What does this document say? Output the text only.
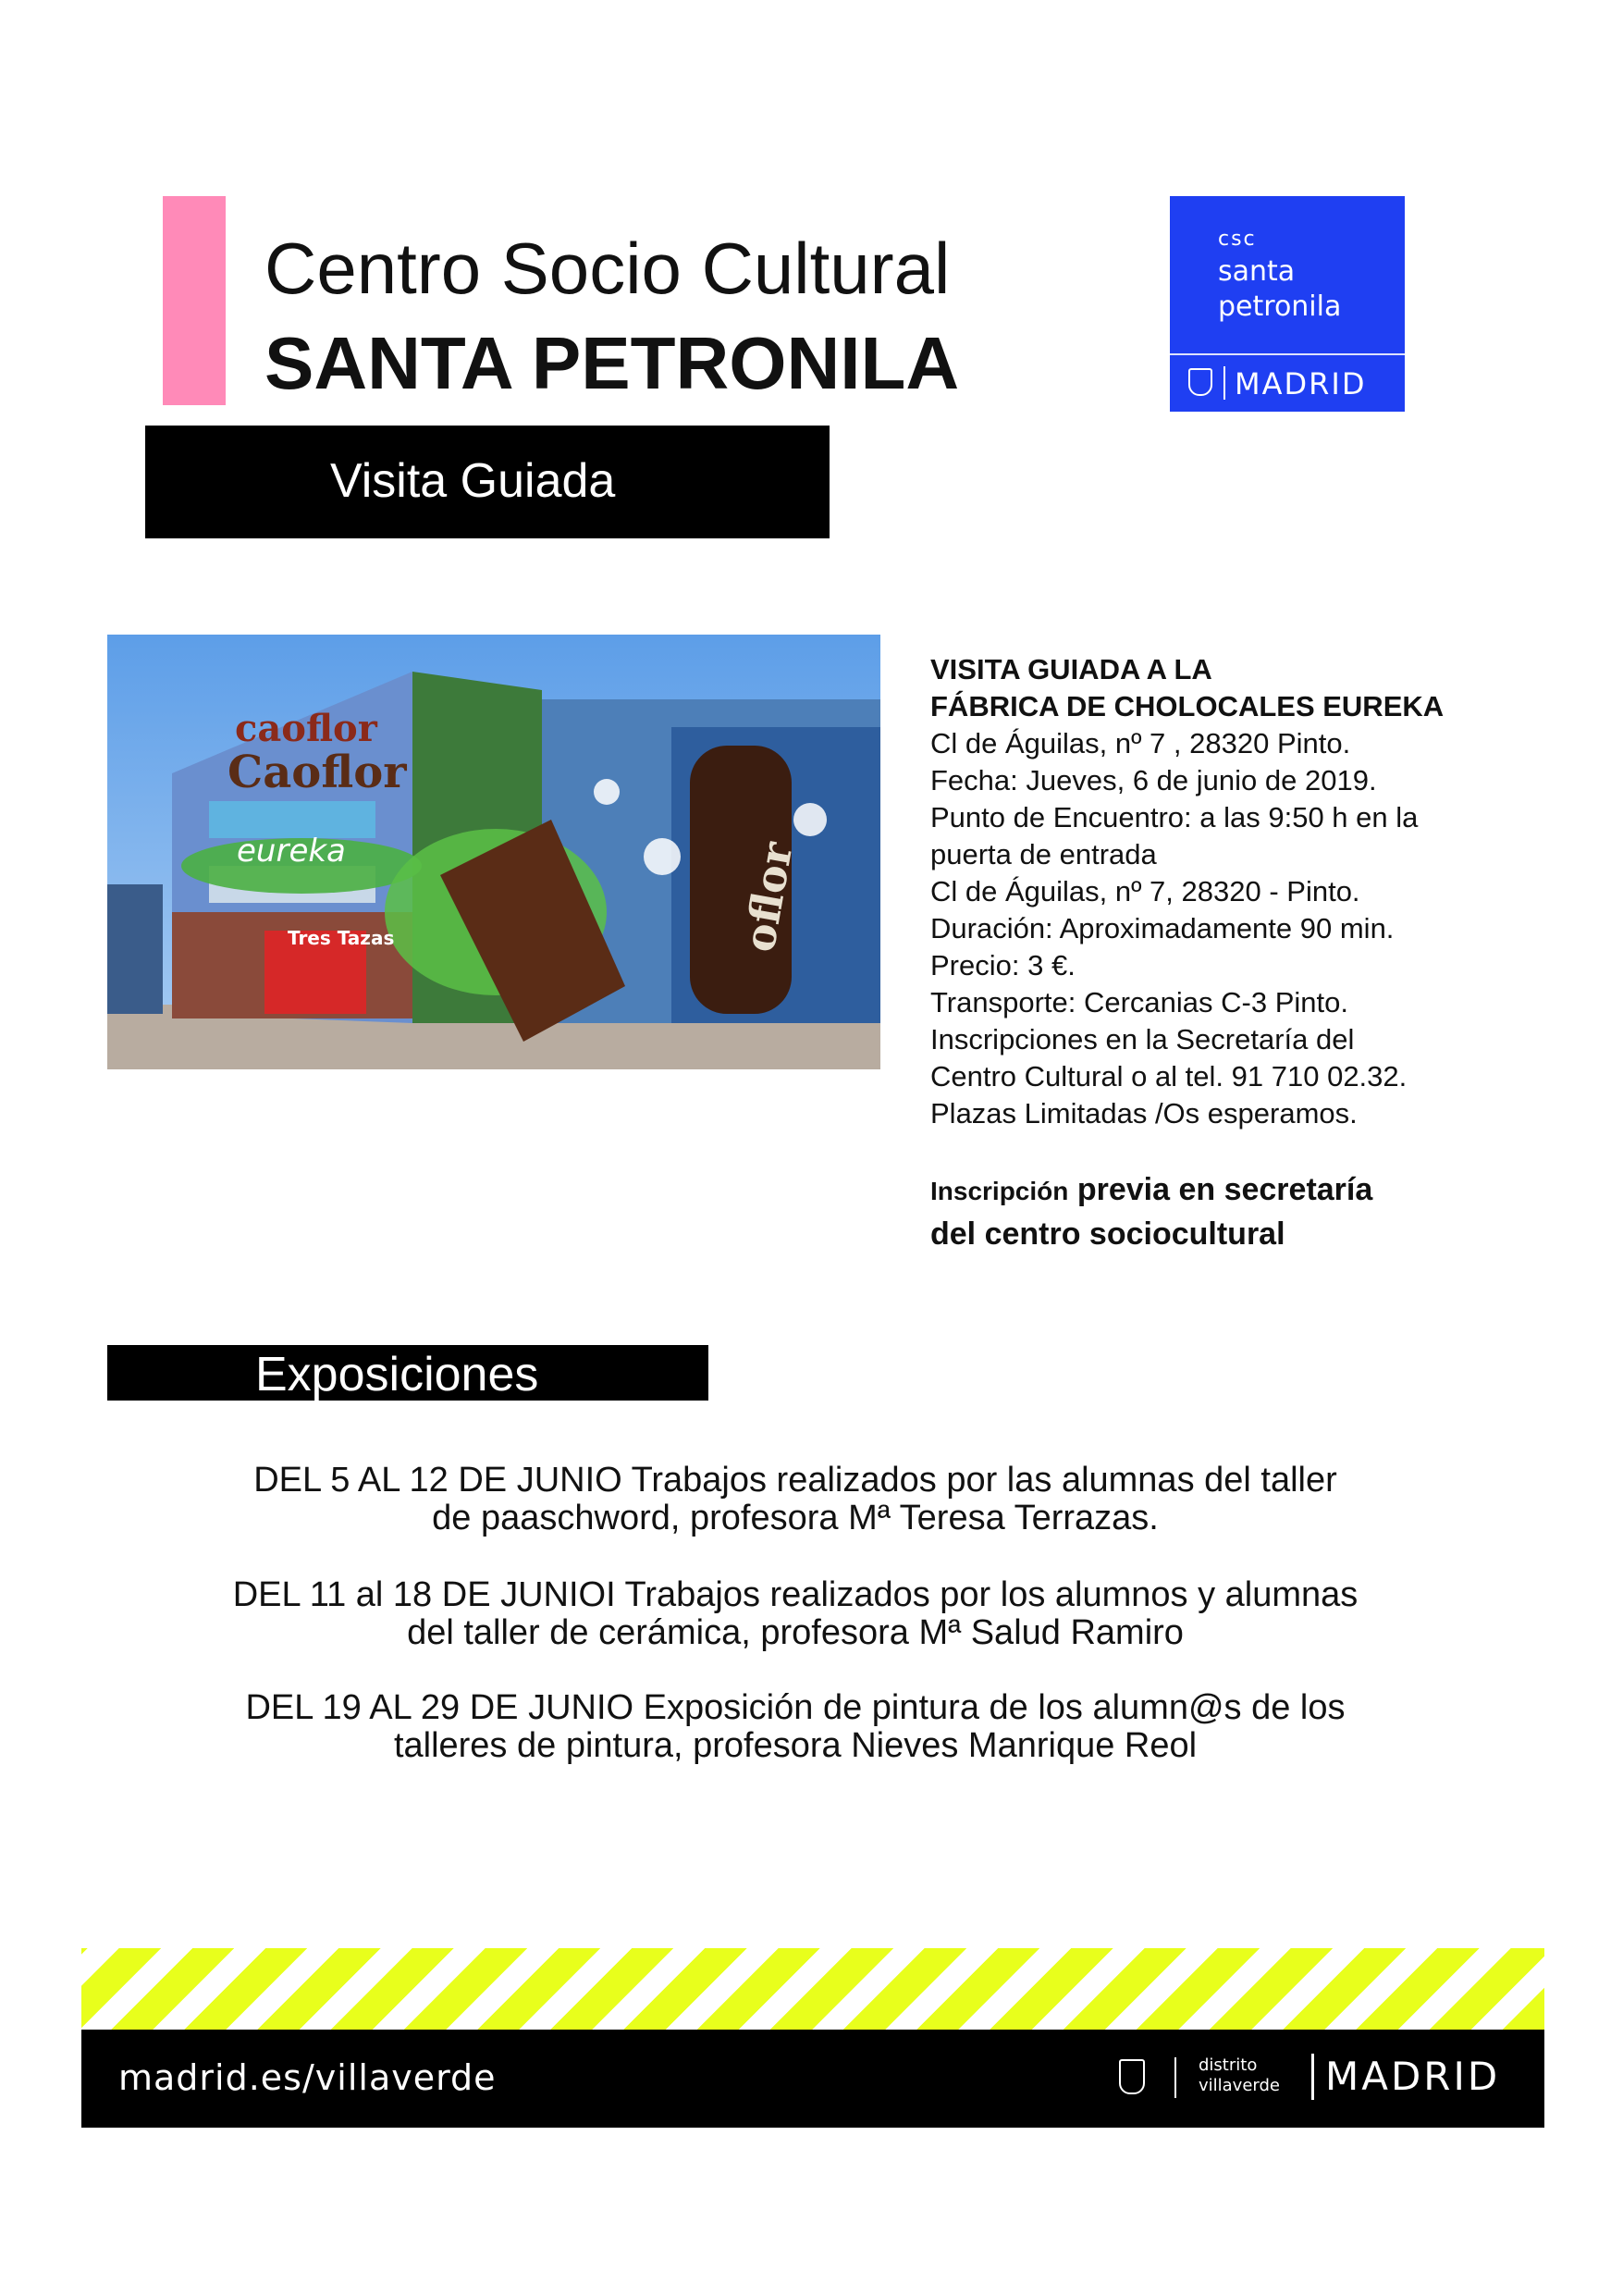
Centro Socio Cultural
SANTA PETRONILA
csc
santa
petronila
MADRID
Visita Guiada
caoflor
Caoflor
eureka
Tres Tazas	oflor
VISITA GUIADA A LA
FÁBRICA DE CHOLOCALES EUREKA
Cl de Águilas, nº 7 , 28320 Pinto.
Fecha: Jueves, 6 de junio de 2019.
Punto de Encuentro: a las 9:50 h en la
puerta de entrada
Cl de Águilas, nº 7, 28320 - Pinto.
Duración: Aproximadamente 90 min.
Precio: 3 €.
Transporte: Cercanias C-3 Pinto.
Inscripciones en la Secretaría del
Centro Cultural o al tel. 91 710 02.32.
Plazas Limitadas /Os esperamos.
Inscripción previa en secretaría
del centro sociocultural
Exposiciones
DEL 5 AL 12 DE JUNIO Trabajos realizados por las alumnas del taller
de paaschword, profesora Mª Teresa Terrazas.
DEL 11 al 18 DE JUNIOI Trabajos realizados por los alumnos y alumnas
del taller de cerámica, profesora Mª Salud Ramiro
DEL 19 AL 29 DE JUNIO Exposición de pintura de los alumn@s de los
talleres de pintura, profesora Nieves Manrique Reol
madrid.es/villaverde	distrito
villaverde MADRID
